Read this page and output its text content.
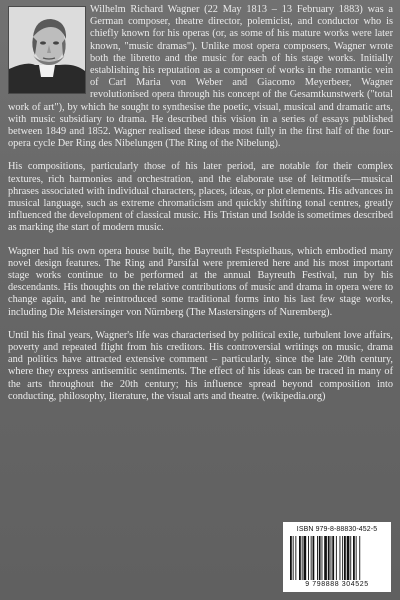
Wilhelm Richard Wagner (22 May 1813 – 13 February 1883) was a German composer, theatre director, polemicist, and conductor who is chiefly known for his operas (or, as some of his mature works were later known, "music dramas"). Unlike most opera composers, Wagner wrote both the libretto and the music for each of his stage works. Initially establishing his reputation as a composer of works in the romantic vein of Carl Maria von Weber and Giacomo Meyerbeer, Wagner revolutionised opera through his concept of the Gesamtkunstwerk ("total work of art"), by which he sought to synthesise the poetic, visual, musical and dramatic arts, with music subsidiary to drama. He described this vision in a series of essays published between 1849 and 1852. Wagner realised these ideas most fully in the first half of the four-opera cycle Der Ring des Nibelungen (The Ring of the Nibelung).

His compositions, particularly those of his later period, are notable for their complex textures, rich harmonies and orchestration, and the elaborate use of leitmotifs—musical phrases associated with individual characters, places, ideas, or plot elements. His advances in musical language, such as extreme chromaticism and quickly shifting tonal centres, greatly influenced the development of classical music. His Tristan und Isolde is sometimes described as marking the start of modern music.

Wagner had his own opera house built, the Bayreuth Festspielhaus, which embodied many novel design features. The Ring and Parsifal were premiered here and his most important stage works continue to be performed at the annual Bayreuth Festival, run by his descendants. His thoughts on the relative contributions of music and drama in opera were to change again, and he reintroduced some traditional forms into his last few stage works, including Die Meistersinger von Nürnberg (The Mastersingers of Nuremberg).

Until his final years, Wagner's life was characterised by political exile, turbulent love affairs, poverty and repeated flight from his creditors. His controversial writings on music, drama and politics have attracted extensive comment – particularly, since the late 20th century, where they express antisemitic sentiments. The effect of his ideas can be traced in many of the arts throughout the 20th century; his influence spread beyond composition into conducting, philosophy, literature, the visual arts and theatre. (wikipedia.org)

ISBN 979-8-88830-452-5
9 798888 304525
